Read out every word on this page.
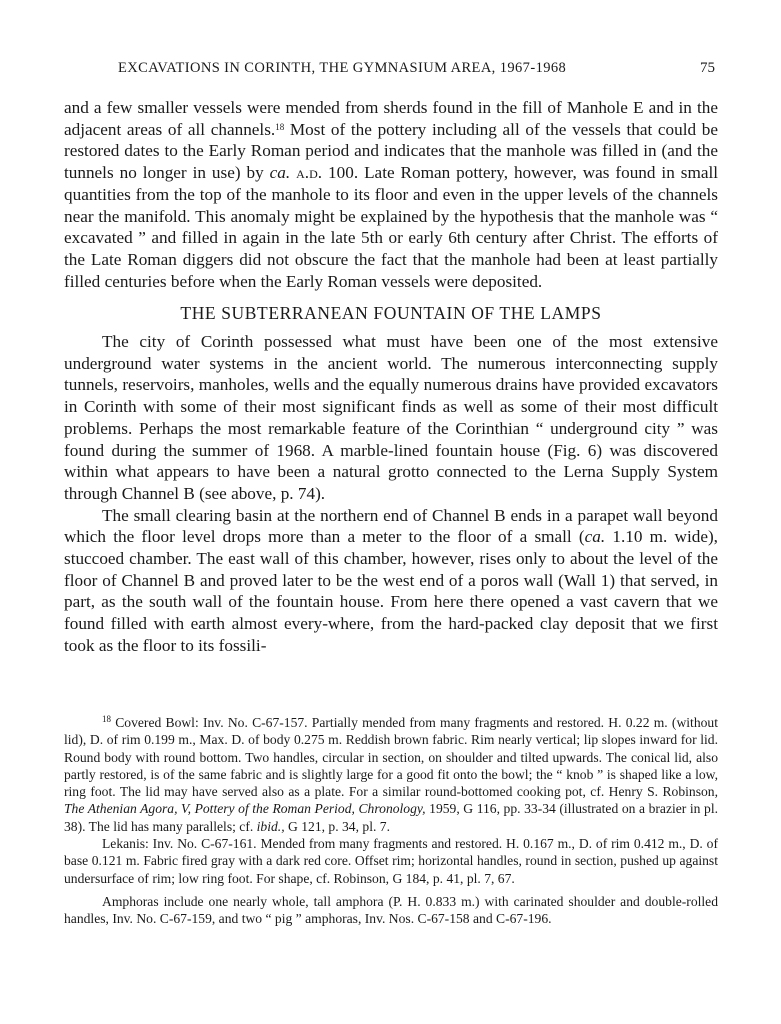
EXCAVATIONS IN CORINTH, THE GYMNASIUM AREA, 1967-1968	75

and a few smaller vessels were mended from sherds found in the fill of Manhole E and in the adjacent areas of all channels.$^{18}$ Most of the pottery including all of the vessels that could be restored dates to the Early Roman period and indicates that the manhole was filled in (and the tunnels no longer in use) by ca. a.d. 100. Late Roman pottery, however, was found in small quantities from the top of the manhole to its floor and even in the upper levels of the channels near the manifold. This anomaly might be explained by the hypothesis that the manhole was “ excavated ” and filled in again in the late 5th or early 6th century after Christ. The efforts of the Late Roman diggers did not obscure the fact that the manhole had been at least partially filled centuries before when the Early Roman vessels were deposited.

THE SUBTERRANEAN FOUNTAIN OF THE LAMPS

The city of Corinth possessed what must have been one of the most extensive underground water systems in the ancient world. The numerous interconnecting supply tunnels, reservoirs, manholes, wells and the equally numerous drains have provided excavators in Corinth with some of their most significant finds as well as some of their most difficult problems. Perhaps the most remarkable feature of the Corinthian “ underground city ” was found during the summer of 1968. A marble-lined fountain house (Fig. 6) was discovered within what appears to have been a natural grotto connected to the Lerna Supply System through Channel B (see above, p. 74).

The small clearing basin at the northern end of Channel B ends in a parapet wall beyond which the floor level drops more than a meter to the floor of a small (ca. 1.10 m. wide), stuccoed chamber. The east wall of this chamber, however, rises only to about the level of the floor of Channel B and proved later to be the west end of a poros wall (Wall 1) that served, in part, as the south wall of the fountain house. From here there opened a vast cavern that we found filled with earth almost every-where, from the hard-packed clay deposit that we first took as the floor to its fossili-

$^{18}$ Covered Bowl: Inv. No. C-67-157. Partially mended from many fragments and restored. H. 0.22 m. (without lid), D. of rim 0.199 m., Max. D. of body 0.275 m. Reddish brown fabric. Rim nearly vertical; lip slopes inward for lid. Round body with round bottom. Two handles, circular in section, on shoulder and tilted upwards. The conical lid, also partly restored, is of the same fabric and is slightly large for a good fit onto the bowl; the “ knob ” is shaped like a low, ring foot. The lid may have served also as a plate. For a similar round-bottomed cooking pot, cf. Henry S. Robinson, The Athenian Agora, V, Pottery of the Roman Period, Chronology, 1959, G 116, pp. 33-34 (illustrated on a brazier in pl. 38). The lid has many parallels; cf. ibid., G 121, p. 34, pl. 7.

Lekanis: Inv. No. C-67-161. Mended from many fragments and restored. H. 0.167 m., D. of rim 0.412 m., D. of base 0.121 m. Fabric fired gray with a dark red core. Offset rim; horizontal handles, round in section, pushed up against undersurface of rim; low ring foot. For shape, cf. Robinson, G 184, p. 41, pl. 7, 67.

Amphoras include one nearly whole, tall amphora (P. H. 0.833 m.) with carinated shoulder and double-rolled handles, Inv. No. C-67-159, and two “ pig ” amphoras, Inv. Nos. C-67-158 and C-67-196.
